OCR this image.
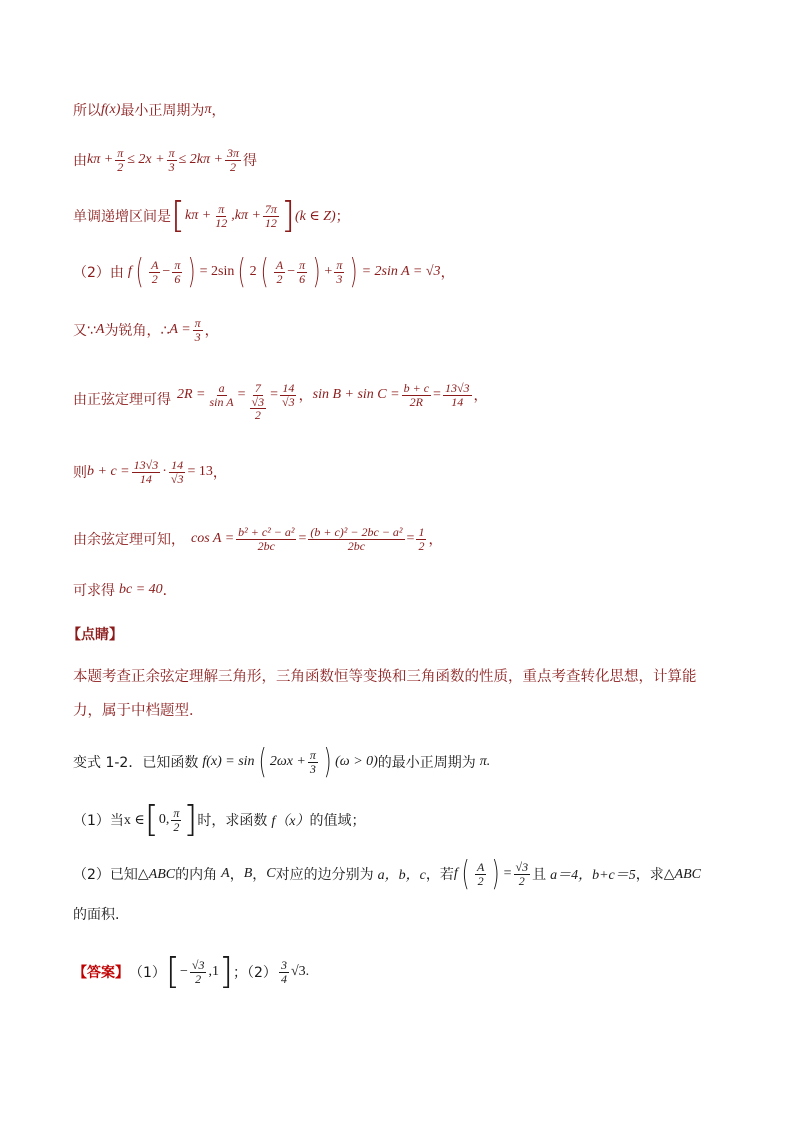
所以 f(x) 最小正周期为 π ，
由 $k\pi + \frac{\pi}{2} \le 2x + \frac{\pi}{3} \le 2k\pi + \frac{3\pi}{2}$ 得
单调递增区间是 [ $k\pi + \frac{\pi}{12} ,k\pi + \frac{7\pi}{12}$ ] (k ∈ Z) ；
（2）由 f ( $\frac{A}{2} - \frac{\pi}{6}$ ) = 2sin ( 2 ( $\frac{A}{2} - \frac{\pi}{6}$ ) + $\frac{\pi}{3}$ ) = 2sin A = √3 ，
又∵ A 为锐角，∴ $A = \frac{\pi}{3}$ ，
由正弦定理可得 $2R = \frac{a}{\text{sin A}} = \frac{7}{\frac{√3}{2}} = \frac{14}{√3}$ ， $\sin B + \sin C = \frac{b + c}{2R} = \frac{13√3}{14}$ ，
则 $b + c = \frac{13√3}{14} \cdot \frac{14}{√3} = 13$ ，
由余弦定理可知， $\cos A = \frac{\text{b² + c² − a²}}{2bc} = \frac{\text{(b + c)² − 2bc − a²}}{2bc} = \frac{1}{2}$ ，
可求得 bc = 40 ．
【点睛】
本题考查正余弦定理解三角形，三角函数恒等变换和三角函数的性质，重点考查转化思想，计算能力，属于中档题型．
变式 1-2．已知函数 f(x) = sin ( $2\omega x + \frac{\pi}{3}$ ) (ω > 0) 的最小正周期为 π.
（1）当 x ∈ [ 0, $\frac{\pi}{2}$ ] 时，求函数 f（x） 的值域；
（2）已知 △ABC 的内角 A ， B ， C 对应的边分别为 a，b，c ，若 f ( $\frac{A}{2}$ ) = $\frac{√3}{2}$ 且 a＝4，b+c＝5 ，求 △ABC
的面积.
【答案】 （1） [ − $\frac{√3}{2} ,1$ ] ；$(2) \frac{3}{4} √3$.
